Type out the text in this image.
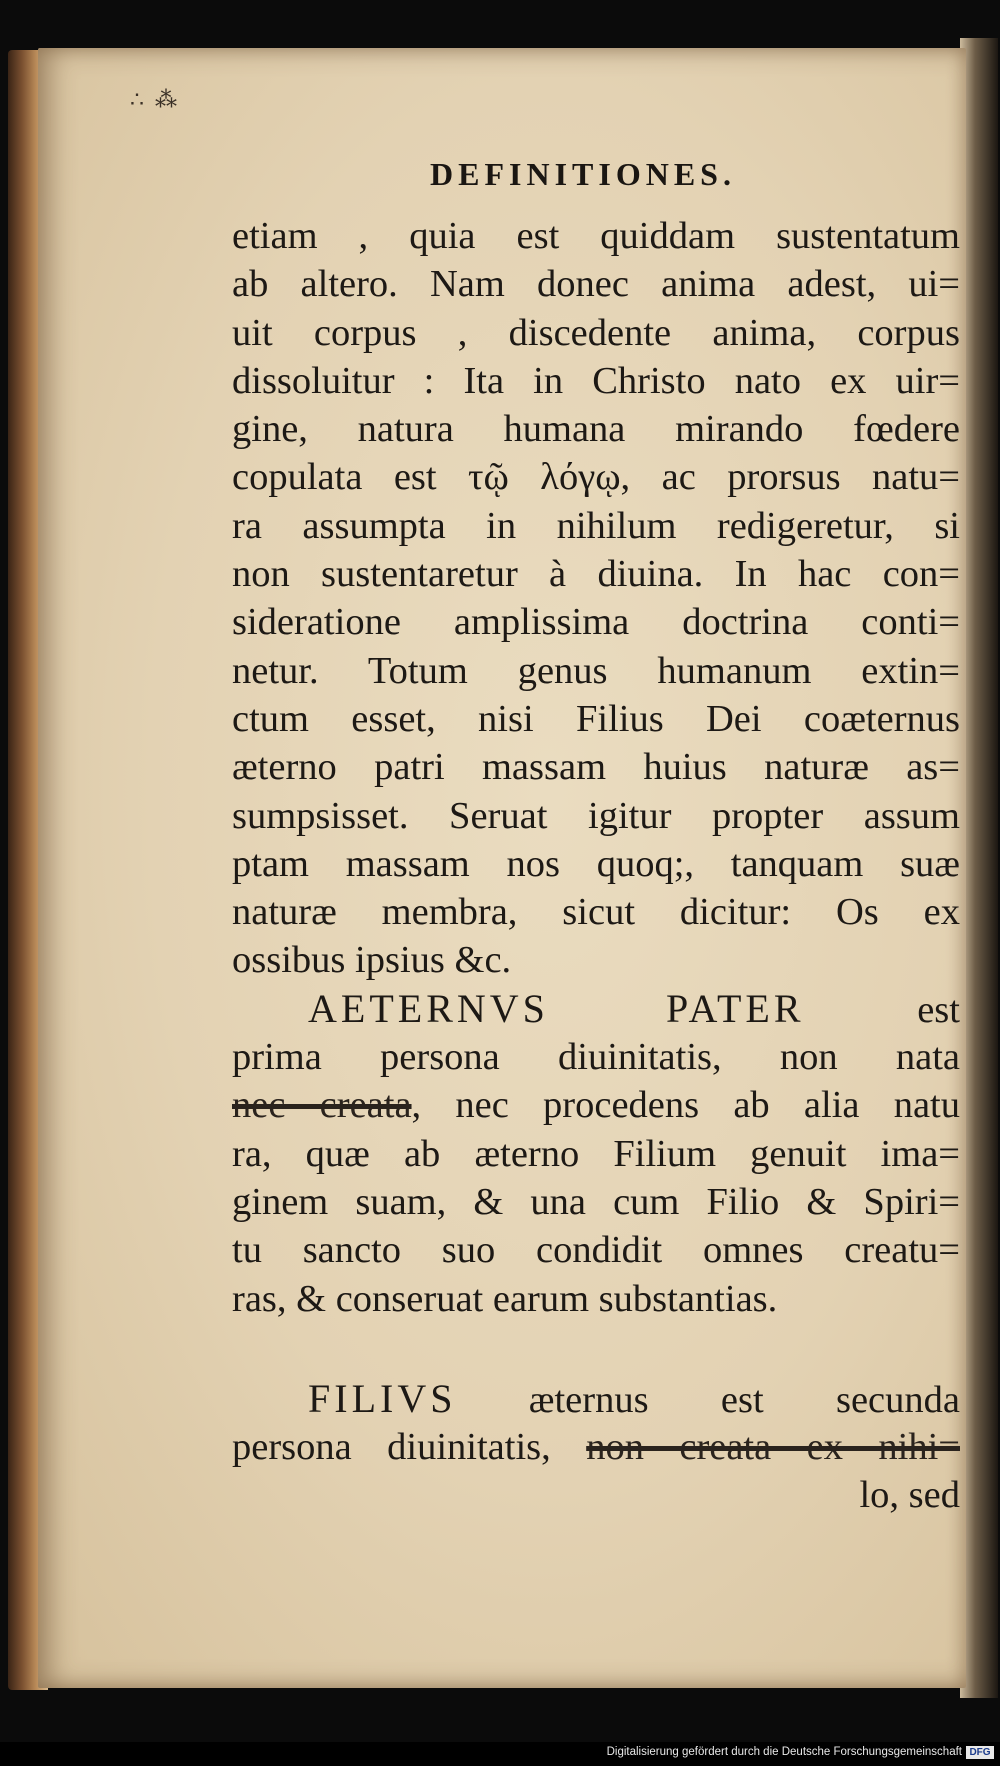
∴ ⁂
DEFINITIONES.
etiam , quia est quiddam sustentatum
ab altero. Nam donec anima adest, ui=
uit corpus , discedente anima, corpus
dissoluitur : Ita in Christo nato ex uir=
gine, natura humana mirando fœdere
copulata est τῷ λόγῳ, ac prorsus natu=
ra assumpta in nihilum redigeretur, si
non sustentaretur à diuina. In hac con=
sideratione amplissima doctrina conti=
netur. Totum genus humanum extin=
ctum esset, nisi Filius Dei coæternus
æterno patri massam huius naturæ as=
sumpsisset. Seruat igitur propter assum
ptam massam nos quoq;, tanquam suæ
naturæ membra, sicut dicitur: Os ex
ossibus ipsius &c.
AETERNVS PATER est
prima persona diuinitatis, non nata
nec creata, nec procedens ab alia natu
ra, quæ ab æterno Filium genuit ima=
ginem suam, & una cum Filio & Spiri=
tu sancto suo condidit omnes creatu=
ras, & conseruat earum substantias.
FILIVS æternus est secunda
persona diuinitatis, non creata ex nihi=
lo, sed
Digitalisierung gefördert durch die Deutsche Forschungsgemeinschaft DFG
